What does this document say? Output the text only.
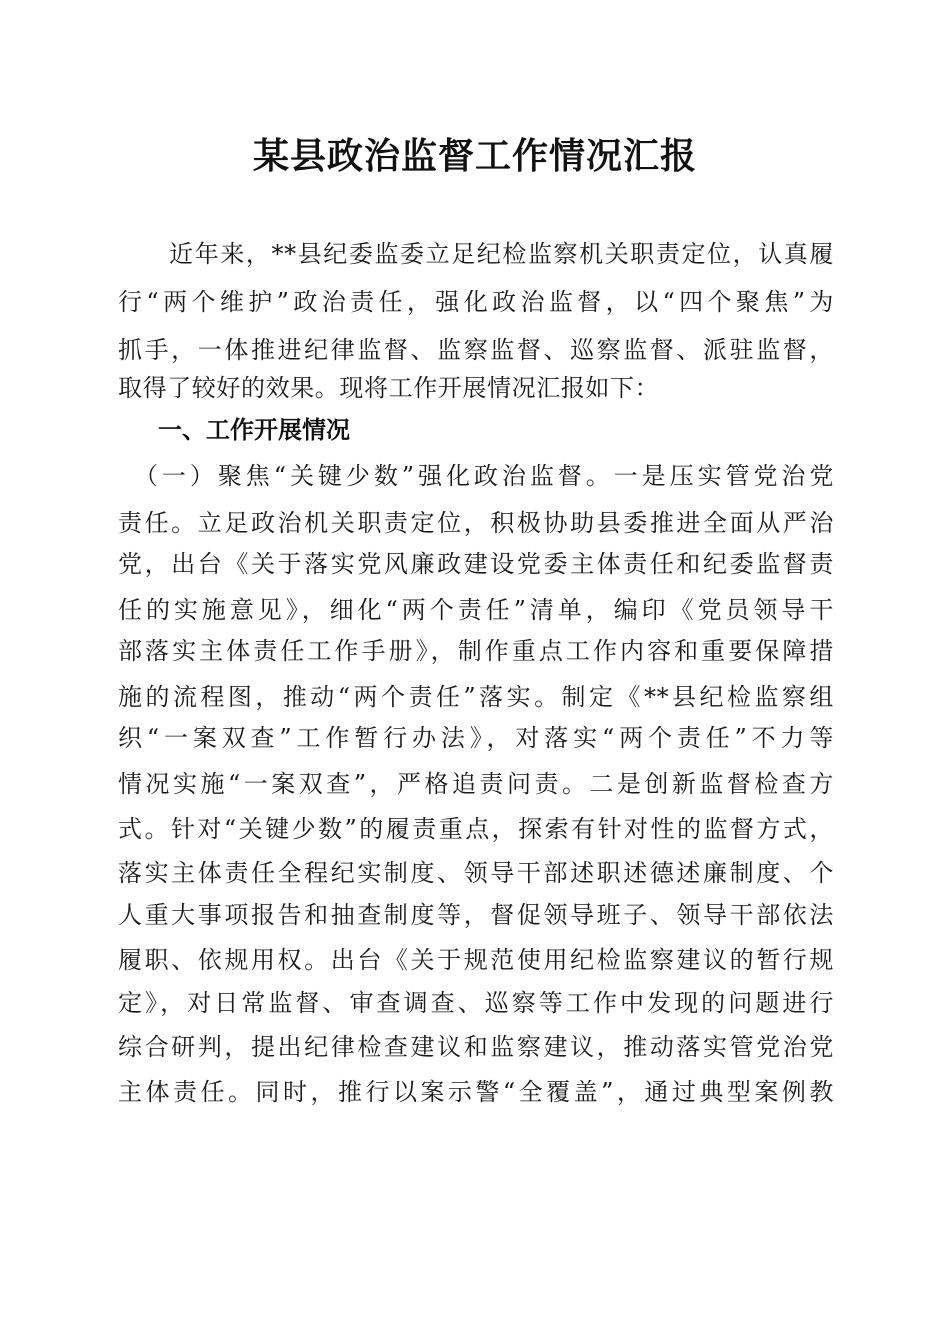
某县政治监督工作情况汇报
　　近年来，**县纪委监委立足纪检监察机关职责定位，认真履
行“两个维护”政治责任，强化政治监督，以“四个聚焦”为
抓手，一体推进纪律监督、监察监督、巡察监督、派驻监督，
取得了较好的效果。现将工作开展情况汇报如下：
一、工作开展情况
　（一）聚焦“关键少数”强化政治监督。一是压实管党治党
责任。立足政治机关职责定位，积极协助县委推进全面从严治
党，出台《关于落实党风廉政建设党委主体责任和纪委监督责
任的实施意见》，细化“两个责任”清单，编印《党员领导干
部落实主体责任工作手册》，制作重点工作内容和重要保障措
施的流程图，推动“两个责任”落实。制定《**县纪检监察组
织“一案双查”工作暂行办法》，对落实“两个责任”不力等
情况实施“一案双查”，严格追责问责。二是创新监督检查方
式。针对“关键少数”的履责重点，探索有针对性的监督方式，
落实主体责任全程纪实制度、领导干部述职述德述廉制度、个
人重大事项报告和抽查制度等，督促领导班子、领导干部依法
履职、依规用权。出台《关于规范使用纪检监察建议的暂行规
定》，对日常监督、审查调查、巡察等工作中发现的问题进行
综合研判，提出纪律检查建议和监察建议，推动落实管党治党
主体责任。同时，推行以案示警“全覆盖”，通过典型案例教
